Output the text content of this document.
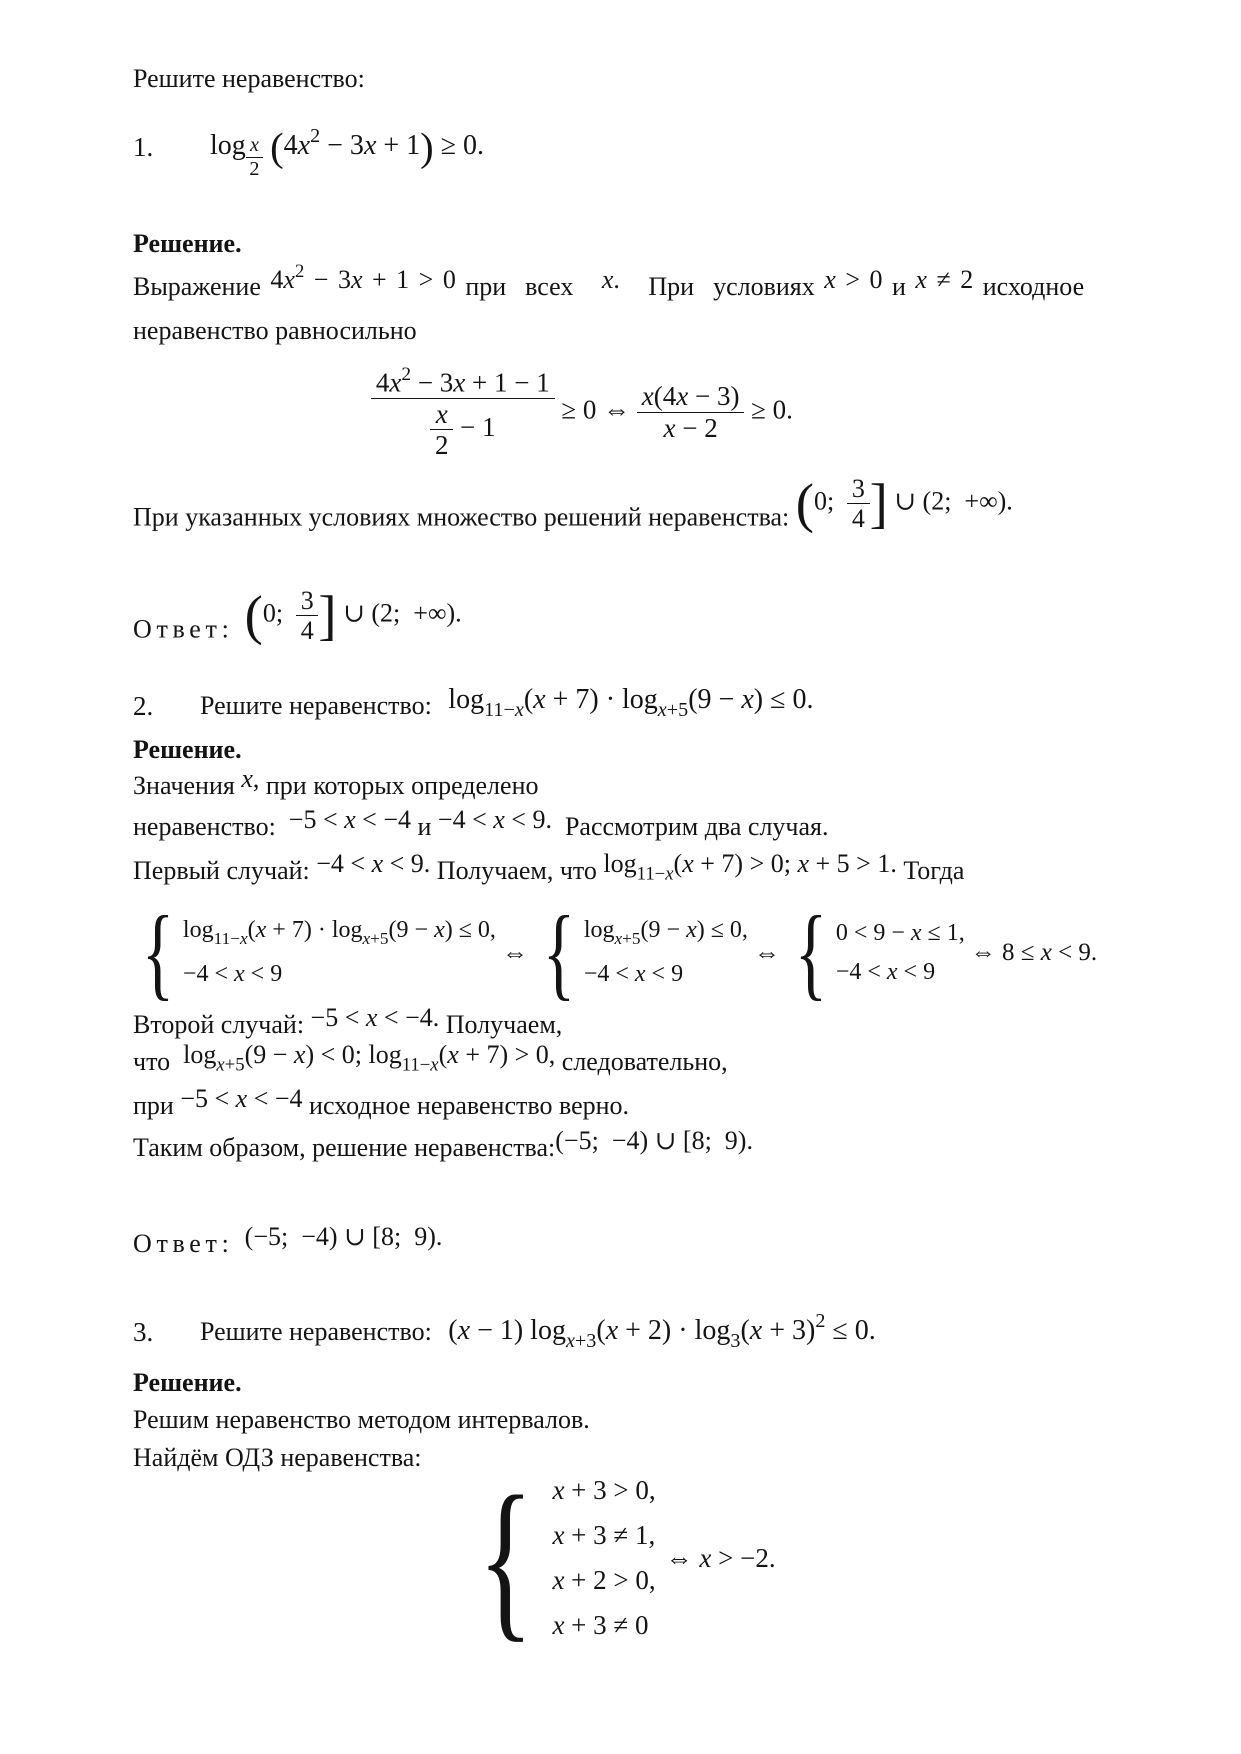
Решите неравенство:
1.	log $_{\frac{x}{2}}$ $(4x^2 - 3x + 1) \ge 0$.
Решение.
Выражение $4x^2 - 3x + 1 > 0$ при  всех   x.   При  условиях x > 0 и x ≠ 2 исходное
неравенство равносильно
$\frac{4x^2 - 3x + 1 - 1}{\frac{x}{2} - 1} \ge 0$ ⇔ $\frac{x(4x - 3)}{x - 2} \ge 0$.
При указанных условиях множество решений неравенства: (0; $\frac{3}{4}$ ] ∪ (2;  +∞).
Ответ: (0; $\frac{3}{4}$ ] ∪ (2;  +∞).
2.	Решите неравенство: $\log_{11-x}(x + 7) \cdot \log_{x+5}(9 - x) \le 0$.
Решение.
Значения x, при которых определено
неравенство:  −5 < x < −4 и −4 < x < 9.  Рассмотрим два случая.
Первый случай: −4 < x < 9. Получаем, что $\log_{11-x}(x + 7) > 0$; x + 5 > 1. Тогда
{ $\log_{11-x}(x + 7) \cdot \log_{x+5}(9 - x) \le 0$,
−4 < x < 9
⇔ { $\log_{x+5}(9 - x) \le 0$,
−4 < x < 9
⇔ { 0 < 9 − x ≤ 1,
−4 < x < 9
⇔ 8 ≤ x < 9.
Второй случай: −5 < x < −4. Получаем,
что  $\log_{x+5}(9 - x) < 0$; $\log_{11-x}(x + 7) > 0$, следовательно,
при −5 < x < −4 исходное неравенство верно.
Таким образом, решение неравенства:(−5;  −4) ∪ [8;  9).
Ответ: (−5;  −4) ∪ [8;  9).
3.	Решите неравенство: (x − 1) $\log_{x+3}(x + 2) \cdot \log_3(x + 3)^2 \le 0$.
Решение.
Решим неравенство методом интервалов.
Найдём ОДЗ неравенства:
{ x + 3 > 0,
x + 3 ≠ 1,
x + 2 > 0,
x + 3 ≠ 0
⇔ x > −2.
